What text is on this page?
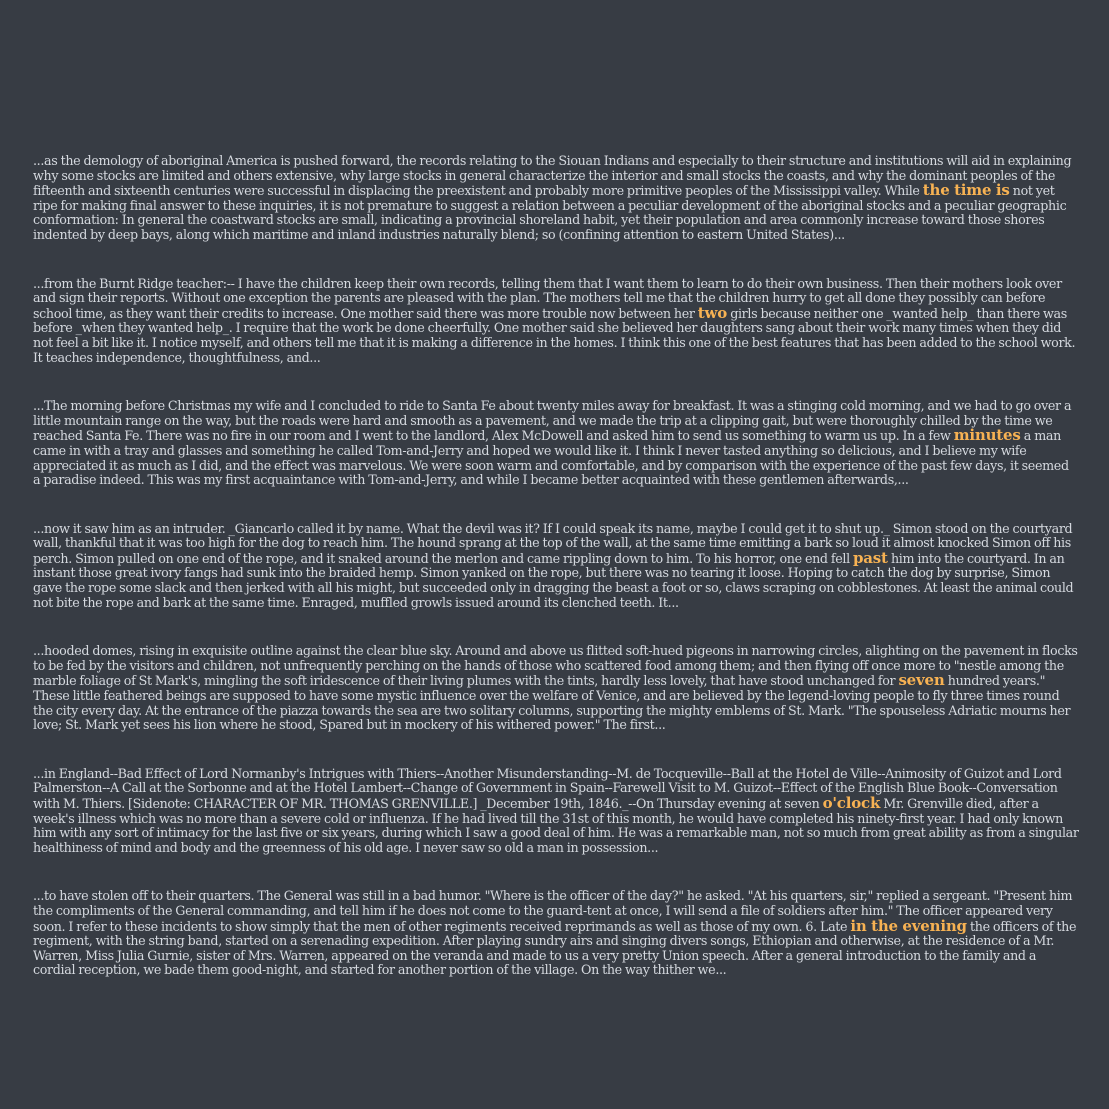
...as the demology of aboriginal America is pushed forward, the records relating to the Siouan Indians and especially to their structure and institutions will aid in explaining why some stocks are limited and others extensive, why large stocks in general characterize the interior and small stocks the coasts, and why the dominant peoples of the fifteenth and sixteenth centuries were successful in displacing the preexistent and probably more primitive peoples of the Mississippi valley. While the time is not yet ripe for making final answer to these inquiries, it is not premature to suggest a relation between a peculiar development of the aboriginal stocks and a peculiar geographic conformation: In general the coastward stocks are small, indicating a provincial shoreland habit, yet their population and area commonly increase toward those shores indented by deep bays, along which maritime and inland industries naturally blend; so (confining attention to eastern United States)...

...from the Burnt Ridge teacher:-- I have the children keep their own records, telling them that I want them to learn to do their own business. Then their mothers look over and sign their reports. Without one exception the parents are pleased with the plan. The mothers tell me that the children hurry to get all done they possibly can before school time, as they want their credits to increase. One mother said there was more trouble now between her two girls because neither one _wanted help_ than there was before _when they wanted help_. I require that the work be done cheerfully. One mother said she believed her daughters sang about their work many times when they did not feel a bit like it. I notice myself, and others tell me that it is making a difference in the homes. I think this one of the best features that has been added to the school work. It teaches independence, thoughtfulness, and...

...The morning before Christmas my wife and I concluded to ride to Santa Fe about twenty miles away for breakfast. It was a stinging cold morning, and we had to go over a little mountain range on the way, but the roads were hard and smooth as a pavement, and we made the trip at a clipping gait, but were thoroughly chilled by the time we reached Santa Fe. There was no fire in our room and I went to the landlord, Alex McDowell and asked him to send us something to warm us up. In a few minutes a man came in with a tray and glasses and something he called Tom-and-Jerry and hoped we would like it. I think I never tasted anything so delicious, and I believe my wife appreciated it as much as I did, and the effect was marvelous. We were soon warm and comfortable, and by comparison with the experience of the past few days, it seemed a paradise indeed. This was my first acquaintance with Tom-and-Jerry, and while I became better acquainted with these gentlemen afterwards,...

...now it saw him as an intruder. _Giancarlo called it by name. What the devil was it? If I could speak its name, maybe I could get it to shut up._ Simon stood on the courtyard wall, thankful that it was too high for the dog to reach him. The hound sprang at the top of the wall, at the same time emitting a bark so loud it almost knocked Simon off his perch. Simon pulled on one end of the rope, and it snaked around the merlon and came rippling down to him. To his horror, one end fell past him into the courtyard. In an instant those great ivory fangs had sunk into the braided hemp. Simon yanked on the rope, but there was no tearing it loose. Hoping to catch the dog by surprise, Simon gave the rope some slack and then jerked with all his might, but succeeded only in dragging the beast a foot or so, claws scraping on cobblestones. At least the animal could not bite the rope and bark at the same time. Enraged, muffled growls issued around its clenched teeth. It...

...hooded domes, rising in exquisite outline against the clear blue sky. Around and above us flitted soft-hued pigeons in narrowing circles, alighting on the pavement in flocks to be fed by the visitors and children, not unfrequently perching on the hands of those who scattered food among them; and then flying off once more to "nestle among the marble foliage of St Mark's, mingling the soft iridescence of their living plumes with the tints, hardly less lovely, that have stood unchanged for seven hundred years." These little feathered beings are supposed to have some mystic influence over the welfare of Venice, and are believed by the legend-loving people to fly three times round the city every day. At the entrance of the piazza towards the sea are two solitary columns, supporting the mighty emblems of St. Mark. "The spouseless Adriatic mourns her love; St. Mark yet sees his lion where he stood, Spared but in mockery of his withered power." The first...

...in England--Bad Effect of Lord Normanby's Intrigues with Thiers--Another Misunderstanding--M. de Tocqueville--Ball at the Hotel de Ville--Animosity of Guizot and Lord Palmerston--A Call at the Sorbonne and at the Hotel Lambert--Change of Government in Spain--Farewell Visit to M. Guizot--Effect of the English Blue Book--Conversation with M. Thiers. [Sidenote: CHARACTER OF MR. THOMAS GRENVILLE.] _December 19th, 1846._--On Thursday evening at seven o'clock Mr. Grenville died, after a week's illness which was no more than a severe cold or influenza. If he had lived till the 31st of this month, he would have completed his ninety-first year. I had only known him with any sort of intimacy for the last five or six years, during which I saw a good deal of him. He was a remarkable man, not so much from great ability as from a singular healthiness of mind and body and the greenness of his old age. I never saw so old a man in possession...

...to have stolen off to their quarters. The General was still in a bad humor. "Where is the officer of the day?" he asked. "At his quarters, sir," replied a sergeant. "Present him the compliments of the General commanding, and tell him if he does not come to the guard-tent at once, I will send a file of soldiers after him." The officer appeared very soon. I refer to these incidents to show simply that the men of other regiments received reprimands as well as those of my own. 6. Late in the evening the officers of the regiment, with the string band, started on a serenading expedition. After playing sundry airs and singing divers songs, Ethiopian and otherwise, at the residence of a Mr. Warren, Miss Julia Gurnie, sister of Mrs. Warren, appeared on the veranda and made to us a very pretty Union speech. After a general introduction to the family and a cordial reception, we bade them good-night, and started for another portion of the village. On the way thither we...
